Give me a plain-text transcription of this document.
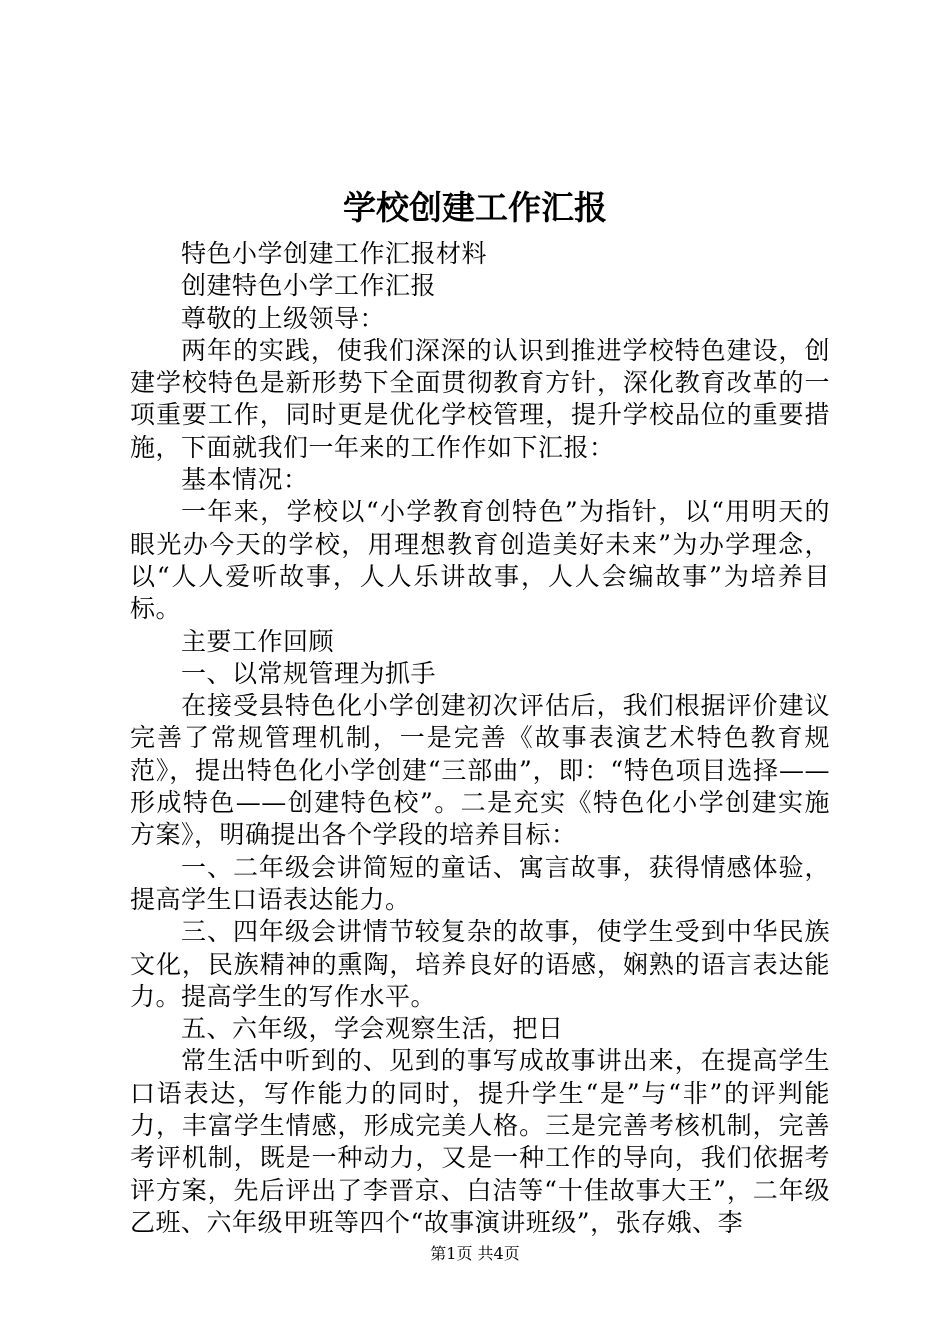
学校创建工作汇报

特色小学创建工作汇报材料

创建特色小学工作汇报

尊敬的上级领导：

两年的实践，使我们深深的认识到推进学校特色建设，创建学校特色是新形势下全面贯彻教育方针，深化教育改革的一项重要工作，同时更是优化学校管理，提升学校品位的重要措施，下面就我们一年来的工作作如下汇报：

基本情况：

一年来，学校以“小学教育创特色”为指针，以“用明天的眼光办今天的学校，用理想教育创造美好未来”为办学理念，以“人人爱听故事，人人乐讲故事，人人会编故事”为培养目标。

主要工作回顾

一、以常规管理为抓手

在接受县特色化小学创建初次评估后，我们根据评价建议完善了常规管理机制，一是完善《故事表演艺术特色教育规范》，提出特色化小学创建“三部曲”，即：“特色项目选择——形成特色——创建特色校”。二是充实《特色化小学创建实施方案》，明确提出各个学段的培养目标：

一、二年级会讲简短的童话、寓言故事，获得情感体验，提高学生口语表达能力。

三、四年级会讲情节较复杂的故事，使学生受到中华民族文化，民族精神的熏陶，培养良好的语感，娴熟的语言表达能力。提高学生的写作水平。

五、六年级，学会观察生活，把日

常生活中听到的、见到的事写成故事讲出来，在提高学生口语表达，写作能力的同时，提升学生“是”与“非”的评判能力，丰富学生情感，形成完美人格。三是完善考核机制，完善考评机制，既是一种动力，又是一种工作的导向，我们依据考评方案，先后评出了李晋京、白洁等“十佳故事大王”，二年级乙班、六年级甲班等四个“故事演讲班级”，张存娥、李

第1页 共4页
